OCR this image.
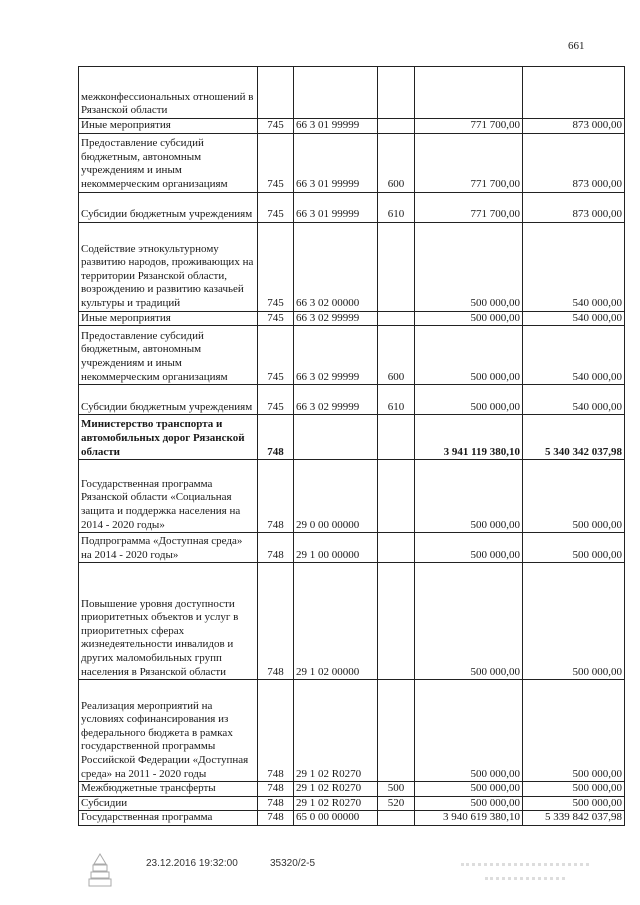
661
межконфессиональных отношений в Рязанской области					
Иные мероприятия	745	66 3 01 99999		771 700,00	873 000,00
Предоставление субсидий бюджетным, автономным учреждениям и иным некоммерческим организациям	745	66 3 01 99999	600	771 700,00	873 000,00
Субсидии бюджетным учреждениям	745	66 3 01 99999	610	771 700,00	873 000,00
Содействие этнокультурному развитию народов, проживающих на территории Рязанской области, возрождению и развитию казачьей культуры и традиций	745	66 3 02 00000		500 000,00	540 000,00
Иные мероприятия	745	66 3 02 99999		500 000,00	540 000,00
Предоставление субсидий бюджетным, автономным учреждениям и иным некоммерческим организациям	745	66 3 02 99999	600	500 000,00	540 000,00
Субсидии бюджетным учреждениям	745	66 3 02 99999	610	500 000,00	540 000,00
Министерство транспорта и автомобильных дорог Рязанской области	748			3 941 119 380,10	5 340 342 037,98
Государственная программа Рязанской области «Социальная защита и поддержка населения на 2014 - 2020 годы»	748	29 0 00 00000		500 000,00	500 000,00
Подпрограмма «Доступная среда» на 2014 - 2020 годы»	748	29 1 00 00000		500 000,00	500 000,00
Повышение уровня доступности приоритетных объектов и услуг в приоритетных сферах жизнедеятельности инвалидов и других маломобильных групп населения в Рязанской области	748	29 1 02 00000		500 000,00	500 000,00
Реализация мероприятий на условиях софинансирования из федерального бюджета в рамках государственной программы Российской Федерации «Доступная среда» на 2011 - 2020 годы	748	29 1 02 R0270		500 000,00	500 000,00
Межбюджетные трансферты	748	29 1 02 R0270	500	500 000,00	500 000,00
Субсидии	748	29 1 02 R0270	520	500 000,00	500 000,00
Государственная программа	748	65 0 00 00000		3 940 619 380,10	5 339 842 037,98
23.12.2016 19:32:00	35320/2-5
